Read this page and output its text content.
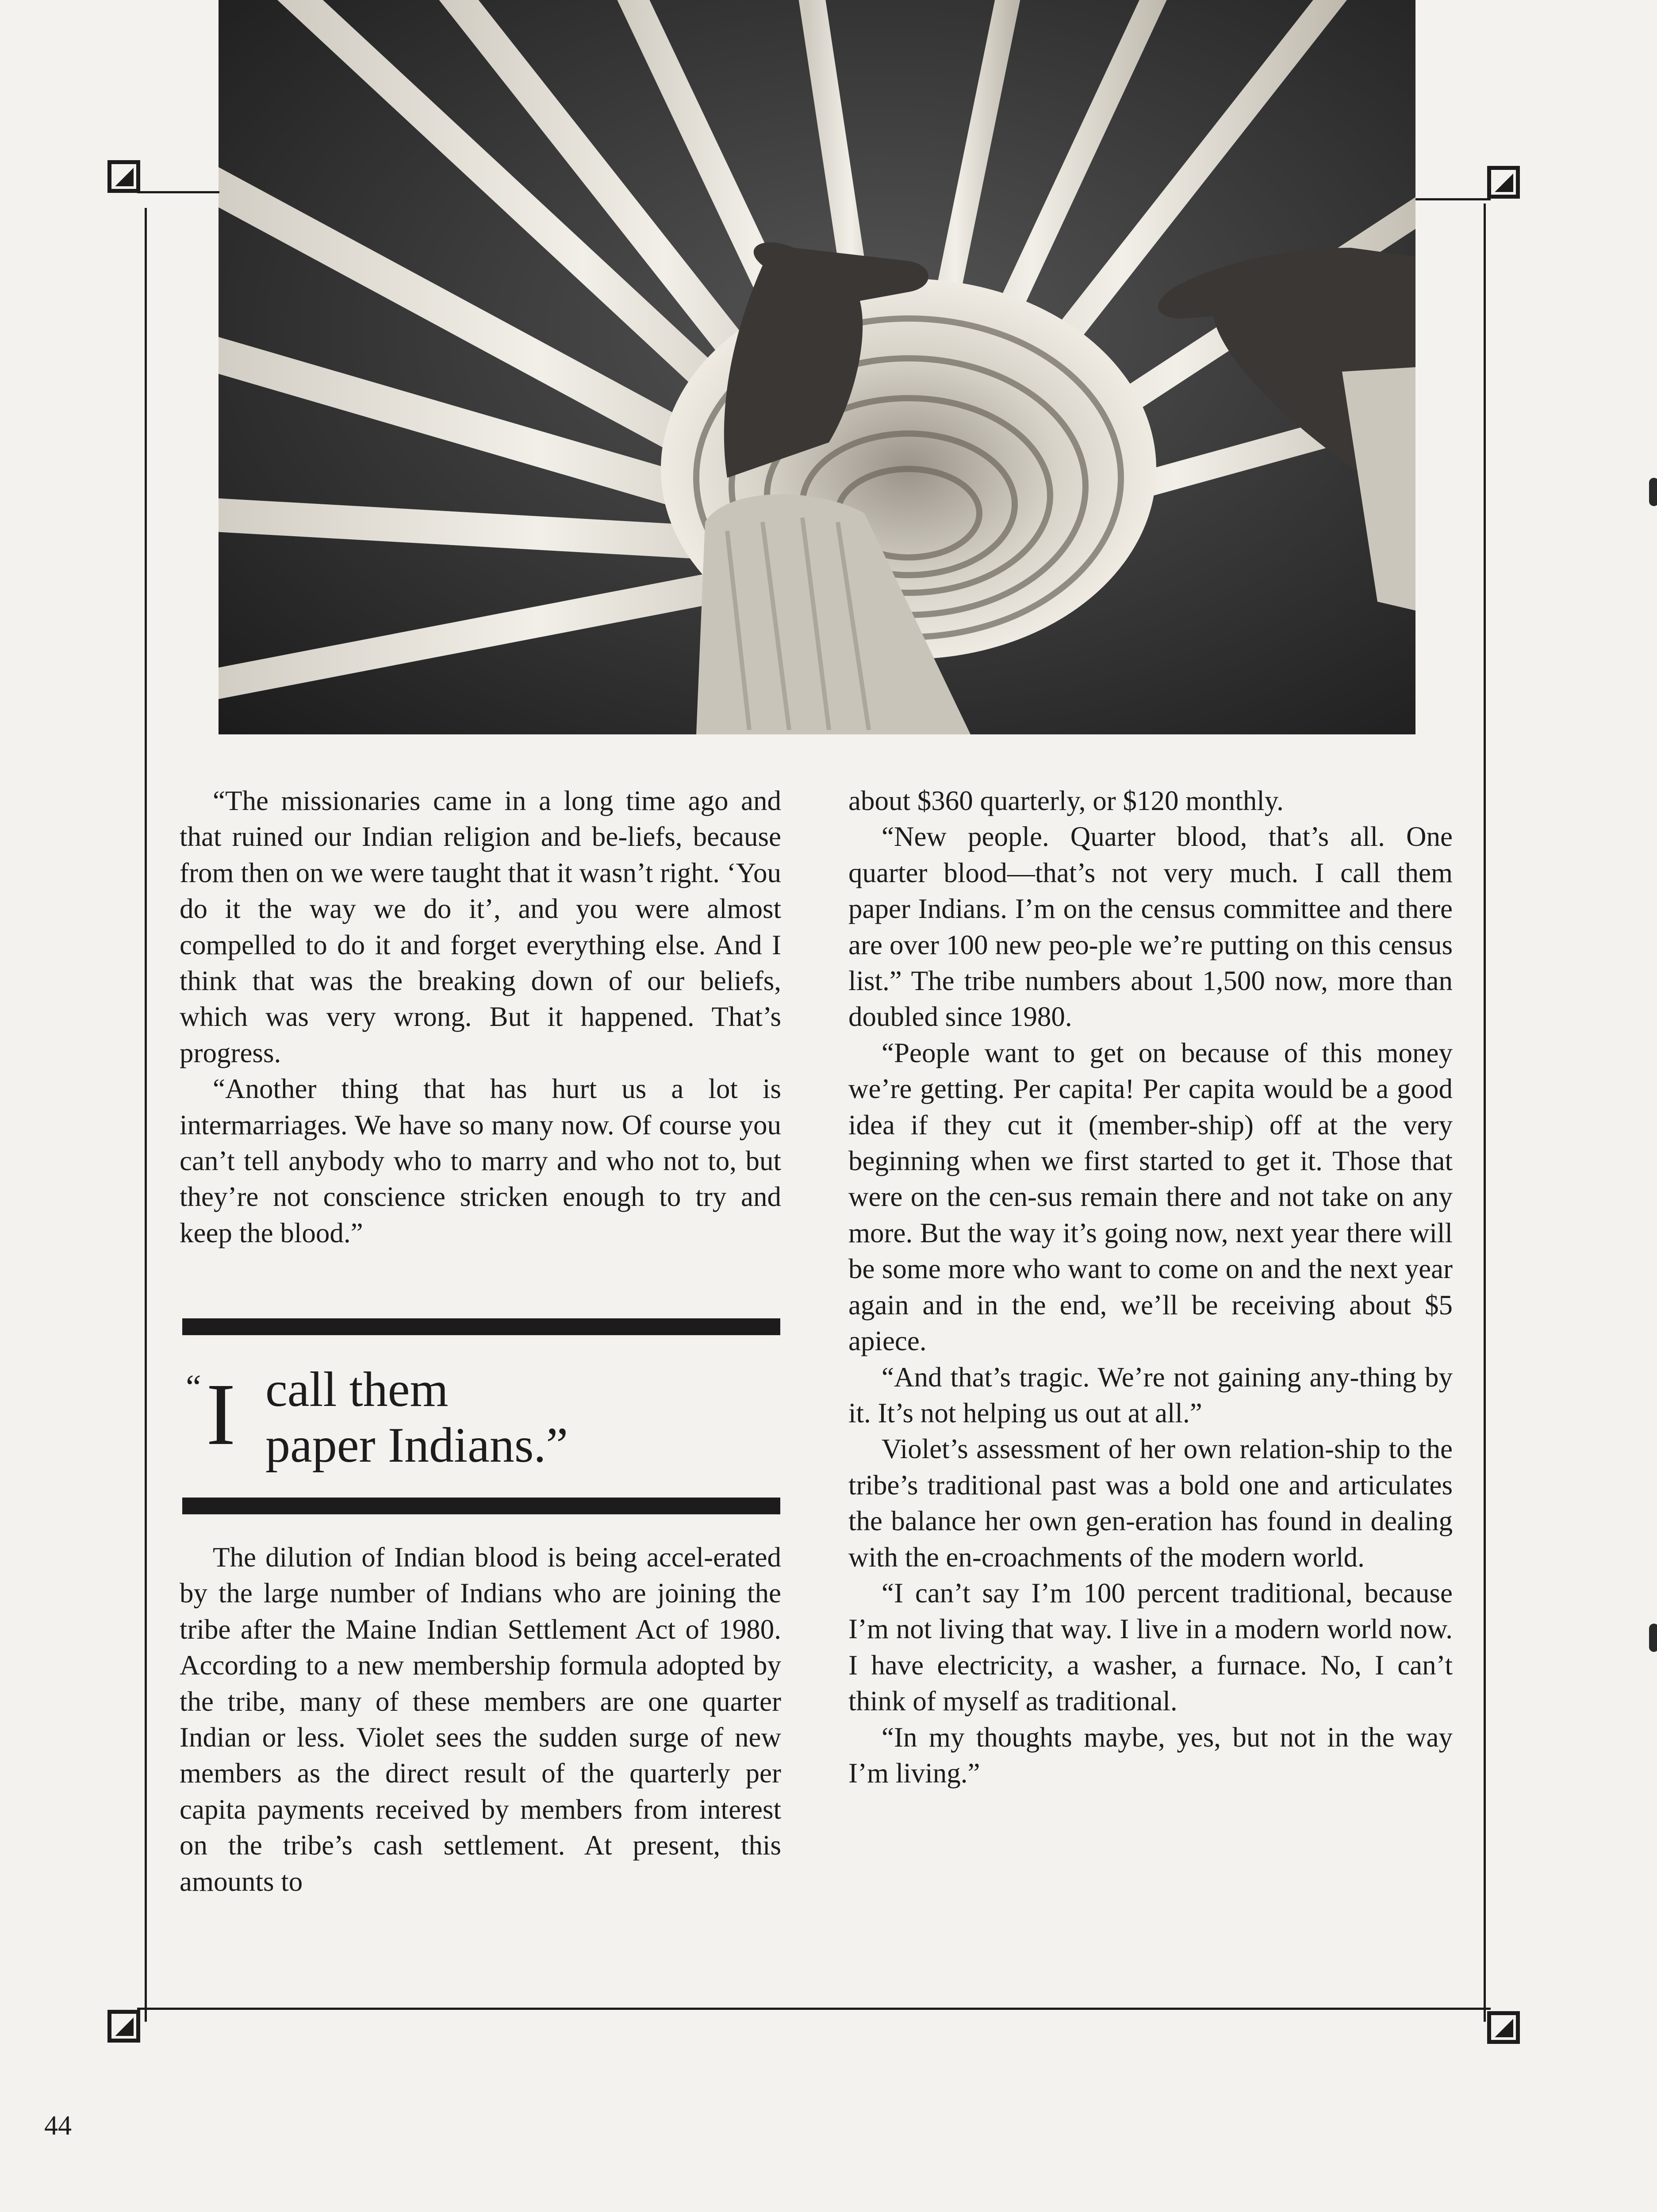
“The missionaries came in a long time ago and that ruined our Indian religion and be-liefs, because from then on we were taught that it wasn’t right. ‘You do it the way we do it’, and you were almost compelled to do it and forget everything else. And I think that was the breaking down of our beliefs, which was very wrong. But it happened. That’s progress.

“Another thing that has hurt us a lot is intermarriages. We have so many now. Of course you can’t tell anybody who to marry and who not to, but they’re not conscience stricken enough to try and keep the blood.”

“ I call them
paper Indians.”

The dilution of Indian blood is being accel-erated by the large number of Indians who are joining the tribe after the Maine Indian Settlement Act of 1980. According to a new membership formula adopted by the tribe, many of these members are one quarter Indian or less. Violet sees the sudden surge of new members as the direct result of the quarterly per capita payments received by members from interest on the tribe’s cash settlement. At present, this amounts to

about $360 quarterly, or $120 monthly.

“New people. Quarter blood, that’s all. One quarter blood—that’s not very much. I call them paper Indians. I’m on the census committee and there are over 100 new peo-ple we’re putting on this census list.” The tribe numbers about 1,500 now, more than doubled since 1980.

“People want to get on because of this money we’re getting. Per capita! Per capita would be a good idea if they cut it (member-ship) off at the very beginning when we first started to get it. Those that were on the cen-sus remain there and not take on any more. But the way it’s going now, next year there will be some more who want to come on and the next year again and in the end, we’ll be receiving about $5 apiece.

“And that’s tragic. We’re not gaining any-thing by it. It’s not helping us out at all.”

Violet’s assessment of her own relation-ship to the tribe’s traditional past was a bold one and articulates the balance her own gen-eration has found in dealing with the en-croachments of the modern world.

“I can’t say I’m 100 percent traditional, because I’m not living that way. I live in a modern world now. I have electricity, a washer, a furnace. No, I can’t think of myself as traditional.

“In my thoughts maybe, yes, but not in the way I’m living.”

44
